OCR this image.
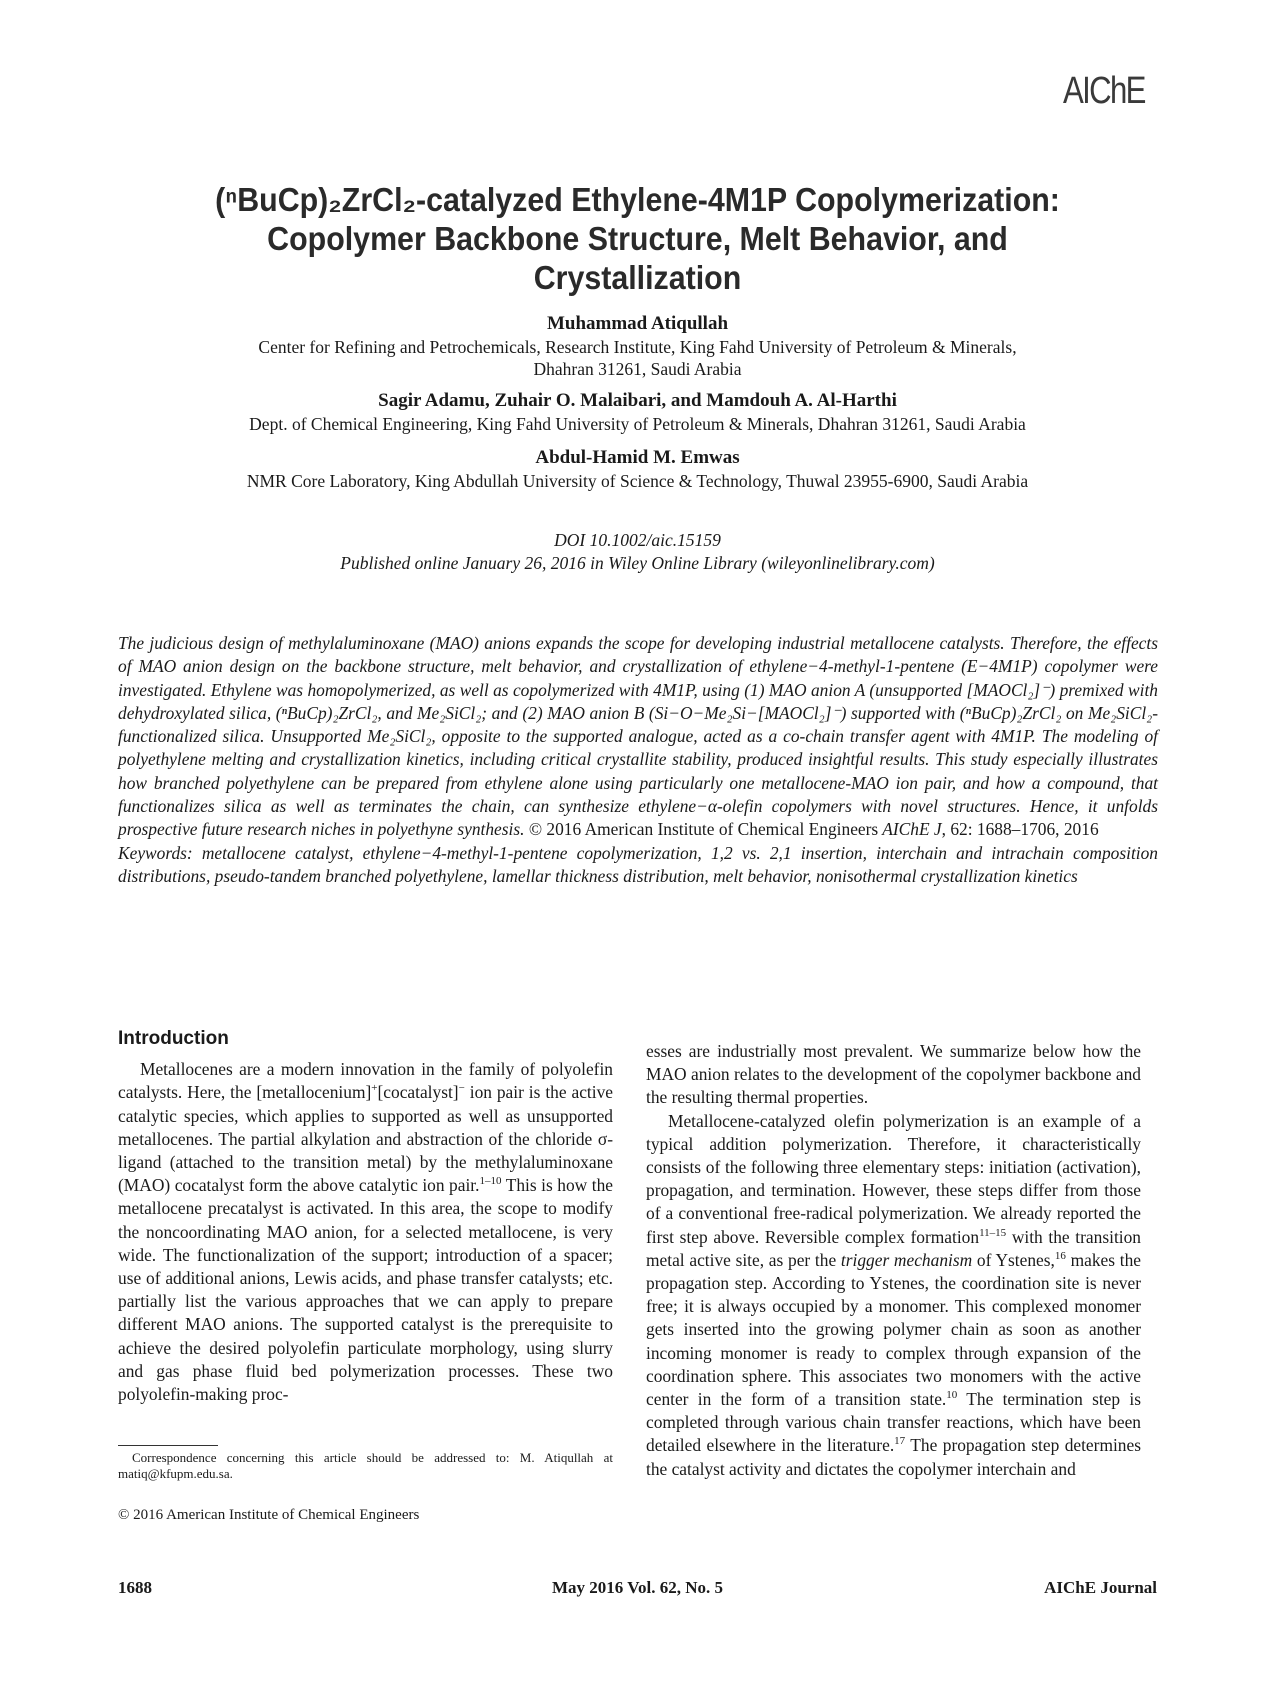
AIChE
(ⁿBuCp)₂ZrCl₂-catalyzed Ethylene-4M1P Copolymerization:
Copolymer Backbone Structure, Melt Behavior, and
Crystallization
Muhammad Atiqullah
Center for Refining and Petrochemicals, Research Institute, King Fahd University of Petroleum & Minerals,
Dhahran 31261, Saudi Arabia
Sagir Adamu, Zuhair O. Malaibari, and Mamdouh A. Al-Harthi
Dept. of Chemical Engineering, King Fahd University of Petroleum & Minerals, Dhahran 31261, Saudi Arabia
Abdul-Hamid M. Emwas
NMR Core Laboratory, King Abdullah University of Science & Technology, Thuwal 23955-6900, Saudi Arabia
DOI 10.1002/aic.15159
Published online January 26, 2016 in Wiley Online Library (wileyonlinelibrary.com)
The judicious design of methylaluminoxane (MAO) anions expands the scope for developing industrial metallocene catalysts. Therefore, the effects of MAO anion design on the backbone structure, melt behavior, and crystallization of ethylene−4-methyl-1-pentene (E−4M1P) copolymer were investigated. Ethylene was homopolymerized, as well as copolymerized with 4M1P, using (1) MAO anion A (unsupported [MAOCl₂]⁻) premixed with dehydroxylated silica, (ⁿBuCp)₂ZrCl₂, and Me₂SiCl₂; and (2) MAO anion B (Si−O−Me₂Si−[MAOCl₂]⁻) supported with (ⁿBuCp)₂ZrCl₂ on Me₂SiCl₂-functionalized silica. Unsupported Me₂SiCl₂, opposite to the supported analogue, acted as a co-chain transfer agent with 4M1P. The modeling of polyethylene melting and crystallization kinetics, including critical crystallite stability, produced insightful results. This study especially illustrates how branched polyethylene can be prepared from ethylene alone using particularly one metallocene-MAO ion pair, and how a compound, that functionalizes silica as well as terminates the chain, can synthesize ethylene−α-olefin copolymers with novel structures. Hence, it unfolds prospective future research niches in polyethyne synthesis. © 2016 American Institute of Chemical Engineers AIChE J, 62: 1688–1706, 2016
Keywords: metallocene catalyst, ethylene−4-methyl-1-pentene copolymerization, 1,2 vs. 2,1 insertion, interchain and intrachain composition distributions, pseudo-tandem branched polyethylene, lamellar thickness distribution, melt behavior, nonisothermal crystallization kinetics
Introduction

Metallocenes are a modern innovation in the family of polyolefin catalysts. Here, the [metallocenium]+[cocatalyst]− ion pair is the active catalytic species, which applies to supported as well as unsupported metallocenes. The partial alkylation and abstraction of the chloride σ-ligand (attached to the transition metal) by the methylaluminoxane (MAO) cocatalyst form the above catalytic ion pair.$^{1-10}$ This is how the metallocene precatalyst is activated. In this area, the scope to modify the noncoordinating MAO anion, for a selected metallocene, is very wide. The functionalization of the support; introduction of a spacer; use of additional anions, Lewis acids, and phase transfer catalysts; etc. partially list the various approaches that we can apply to prepare different MAO anions. The supported catalyst is the prerequisite to achieve the desired polyolefin particulate morphology, using slurry and gas phase fluid bed polymerization processes. These two polyolefin-making proc-

esses are industrially most prevalent. We summarize below how the MAO anion relates to the development of the copolymer backbone and the resulting thermal properties.

Metallocene-catalyzed olefin polymerization is an example of a typical addition polymerization. Therefore, it characteristically consists of the following three elementary steps: initiation (activation), propagation, and termination. However, these steps differ from those of a conventional free-radical polymerization. We already reported the first step above. Reversible complex formation$^{11-15}$ with the transition metal active site, as per the trigger mechanism of Ystenes,$^{16}$ makes the propagation step. According to Ystenes, the coordination site is never free; it is always occupied by a monomer. This complexed monomer gets inserted into the growing polymer chain as soon as another incoming monomer is ready to complex through expansion of the coordination sphere. This associates two monomers with the active center in the form of a transition state.$^{10}$ The termination step is completed through various chain transfer reactions, which have been detailed elsewhere in the literature.$^{17}$ The propagation step determines the catalyst activity and dictates the copolymer interchain and

Correspondence concerning this article should be addressed to: M. Atiqullah at matiq@kfupm.edu.sa.
© 2016 American Institute of Chemical Engineers
1688	May 2016 Vol. 62, No. 5	AIChE Journal
